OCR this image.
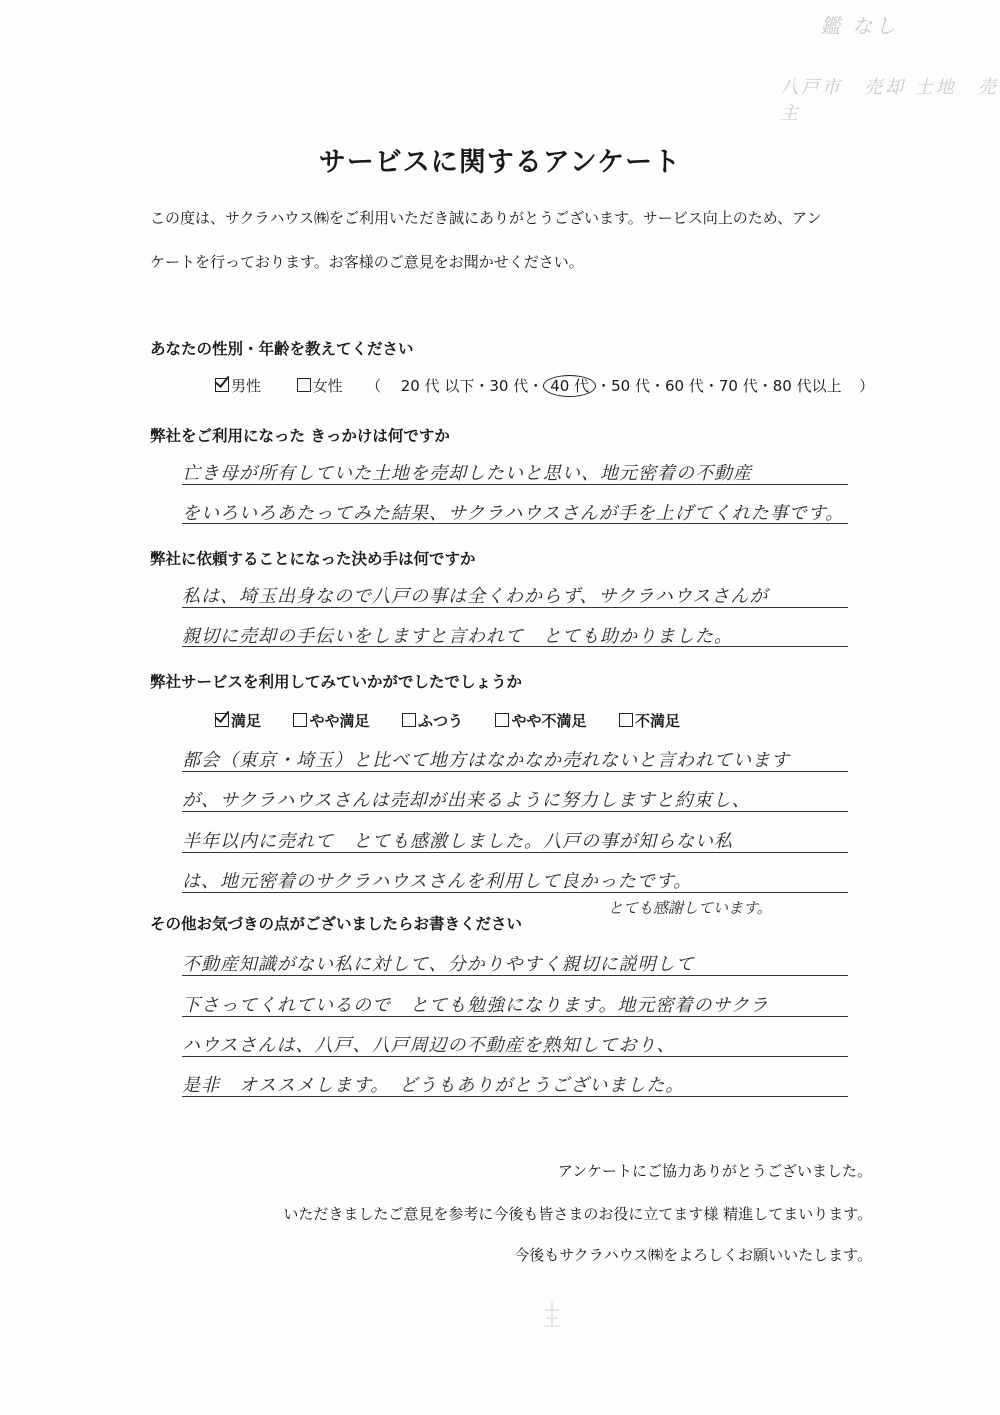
鑑 なし
八戸市　売却 土地　売主
サービスに関するアンケート
この度は、サクラハウス㈱をご利用いただき誠にありがとうございます。サービス向上のため、アン
ケートを行っております。お客様のご意見をお聞かせください。
あなたの性別・年齢を教えてください
男性	女性 （ 20 代 以下・30 代・ 40 代 ・50 代・60 代・70 代・80 代以上 ）
弊社をご利用になった きっかけは何ですか
亡き母が所有していた土地を売却したいと思い、地元密着の不動産
をいろいろあたってみた結果、サクラハウスさんが手を上げてくれた事です。
弊社に依頼することになった決め手は何ですか
私は、埼玉出身なので八戸の事は全くわからず、サクラハウスさんが
親切に売却の手伝いをしますと言われて　とても助かりました。
弊社サービスを利用してみていかがでしたでしょうか
満足	やや満足	ふつう	やや不満足	不満足
都会（東京・埼玉）と比べて地方はなかなか売れないと言われています
が、サクラハウスさんは売却が出来るように努力しますと約束し、
半年以内に売れて　とても感激しました。八戸の事が知らない私
は、地元密着のサクラハウスさんを利用して良かったです。
とても感謝しています。
その他お気づきの点がございましたらお書きください
不動産知識がない私に対して、分かりやすく親切に説明して
下さってくれているので　とても勉強になります。地元密着のサクラ
ハウスさんは、八戸、八戸周辺の不動産を熟知しており、
是非　オススメします。　どうもありがとうございました。
アンケートにご協力ありがとうございました。
いただきましたご意見を参考に今後も皆さまのお役に立てます様 精進してまいります。
今後もサクラハウス㈱をよろしくお願いいたします。
